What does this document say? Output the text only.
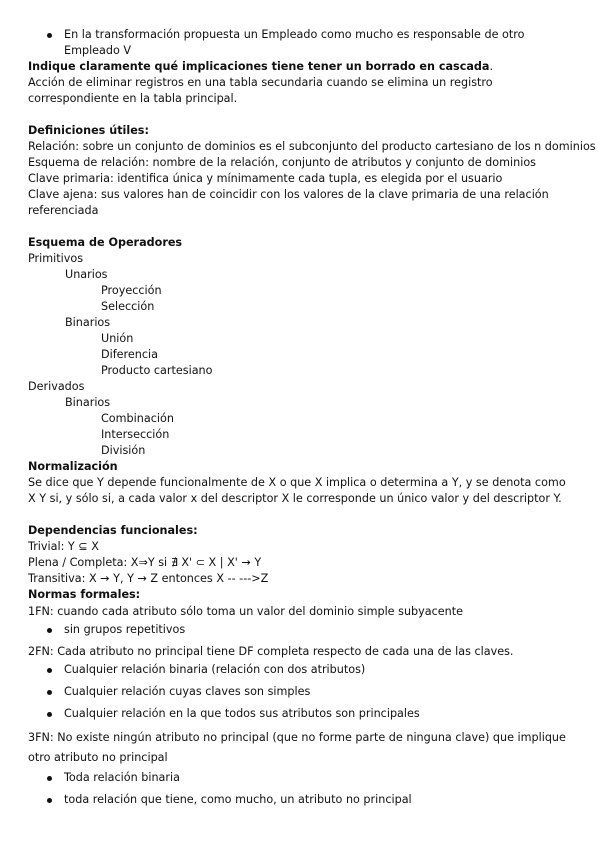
En la transformación propuesta un Empleado como mucho es responsable de otro Empleado V
Indique claramente qué implicaciones tiene tener un borrado en cascada.
Acción de eliminar registros en una tabla secundaria cuando se elimina un registro correspondiente en la tabla principal.
Definiciones útiles:
Relación: sobre un conjunto de dominios es el subconjunto del producto cartesiano de los n dominios
Esquema de relación: nombre de la relación, conjunto de atributos y conjunto de dominios
Clave primaria: identifica única y mínimamente cada tupla, es elegida por el usuario
Clave ajena: sus valores han de coincidir con los valores de la clave primaria de una relación referenciada
Esquema de Operadores
Primitivos
Unarios
Proyección
Selección
Binarios
Unión
Diferencia
Producto cartesiano
Derivados
Binarios
Combinación
Intersección
División
Normalización
Se dice que Y depende funcionalmente de X o que X implica o determina a Y, y se denota como X Y si, y sólo si, a cada valor x del descriptor X le corresponde un único valor y del descriptor Y.
Dependencias funcionales:
Trivial: Y ⊆ X
Plena / Completa: X⇒Y si ∄ X' ⊂ X | X' → Y
Transitiva: X → Y, Y → Z entonces X -- --->Z
Normas formales:
1FN: cuando cada atributo sólo toma un valor del dominio simple subyacente
sin grupos repetitivos
2FN: Cada atributo no principal tiene DF completa respecto de cada una de las claves.
Cualquier relación binaria (relación con dos atributos)
Cualquier relación cuyas claves son simples
Cualquier relación en la que todos sus atributos son principales
3FN: No existe ningún atributo no principal (que no forme parte de ninguna clave) que implique otro atributo no principal
Toda relación binaria
toda relación que tiene, como mucho, un atributo no principal
